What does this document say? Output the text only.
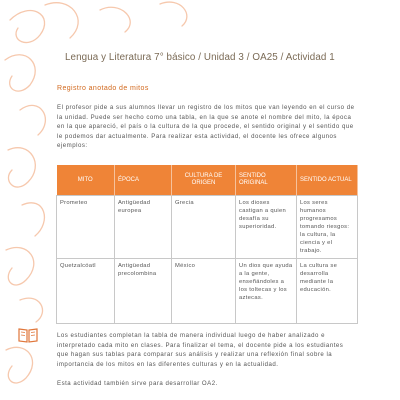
Lengua y Literatura 7° básico / Unidad 3 / OA25 / Actividad 1
Registro anotado de mitos
El profesor pide a sus alumnos llevar un registro de los mitos que van leyendo en el curso de la unidad. Puede ser hecho como una tabla, en la que se anote el nombre del mito, la época en la que apareció, el país o la cultura de la que procede, el sentido original y el sentido que le podemos dar actualmente. Para realizar esta actividad, el docente les ofrece algunos ejemplos:
MITO	ÉPOCA	CULTURA DE ORIGEN	SENTIDO ORIGINAL	SENTIDO ACTUAL
Prometeo	Antigüedad europea	Grecia	Los dioses castigan a quien desafía su superioridad.	Los seres humanos progresamos tomando riesgos: la cultura, la ciencia y el trabajo.
Quetzalcóatl	Antigüedad precolombina	México	Un dios que ayuda a la gente, enseñándoles a los toltecas y los aztecas.	La cultura se desarrolla mediante la educación.
Los estudiantes completan la tabla de manera individual luego de haber analizado e interpretado cada mito en clases. Para finalizar el tema, el docente pide a los estudiantes que hagan sus tablas para comparar sus análisis y realizar una reflexión final sobre la importancia de los mitos en las diferentes culturas y en la actualidad.
Esta actividad también sirve para desarrollar OA2.
